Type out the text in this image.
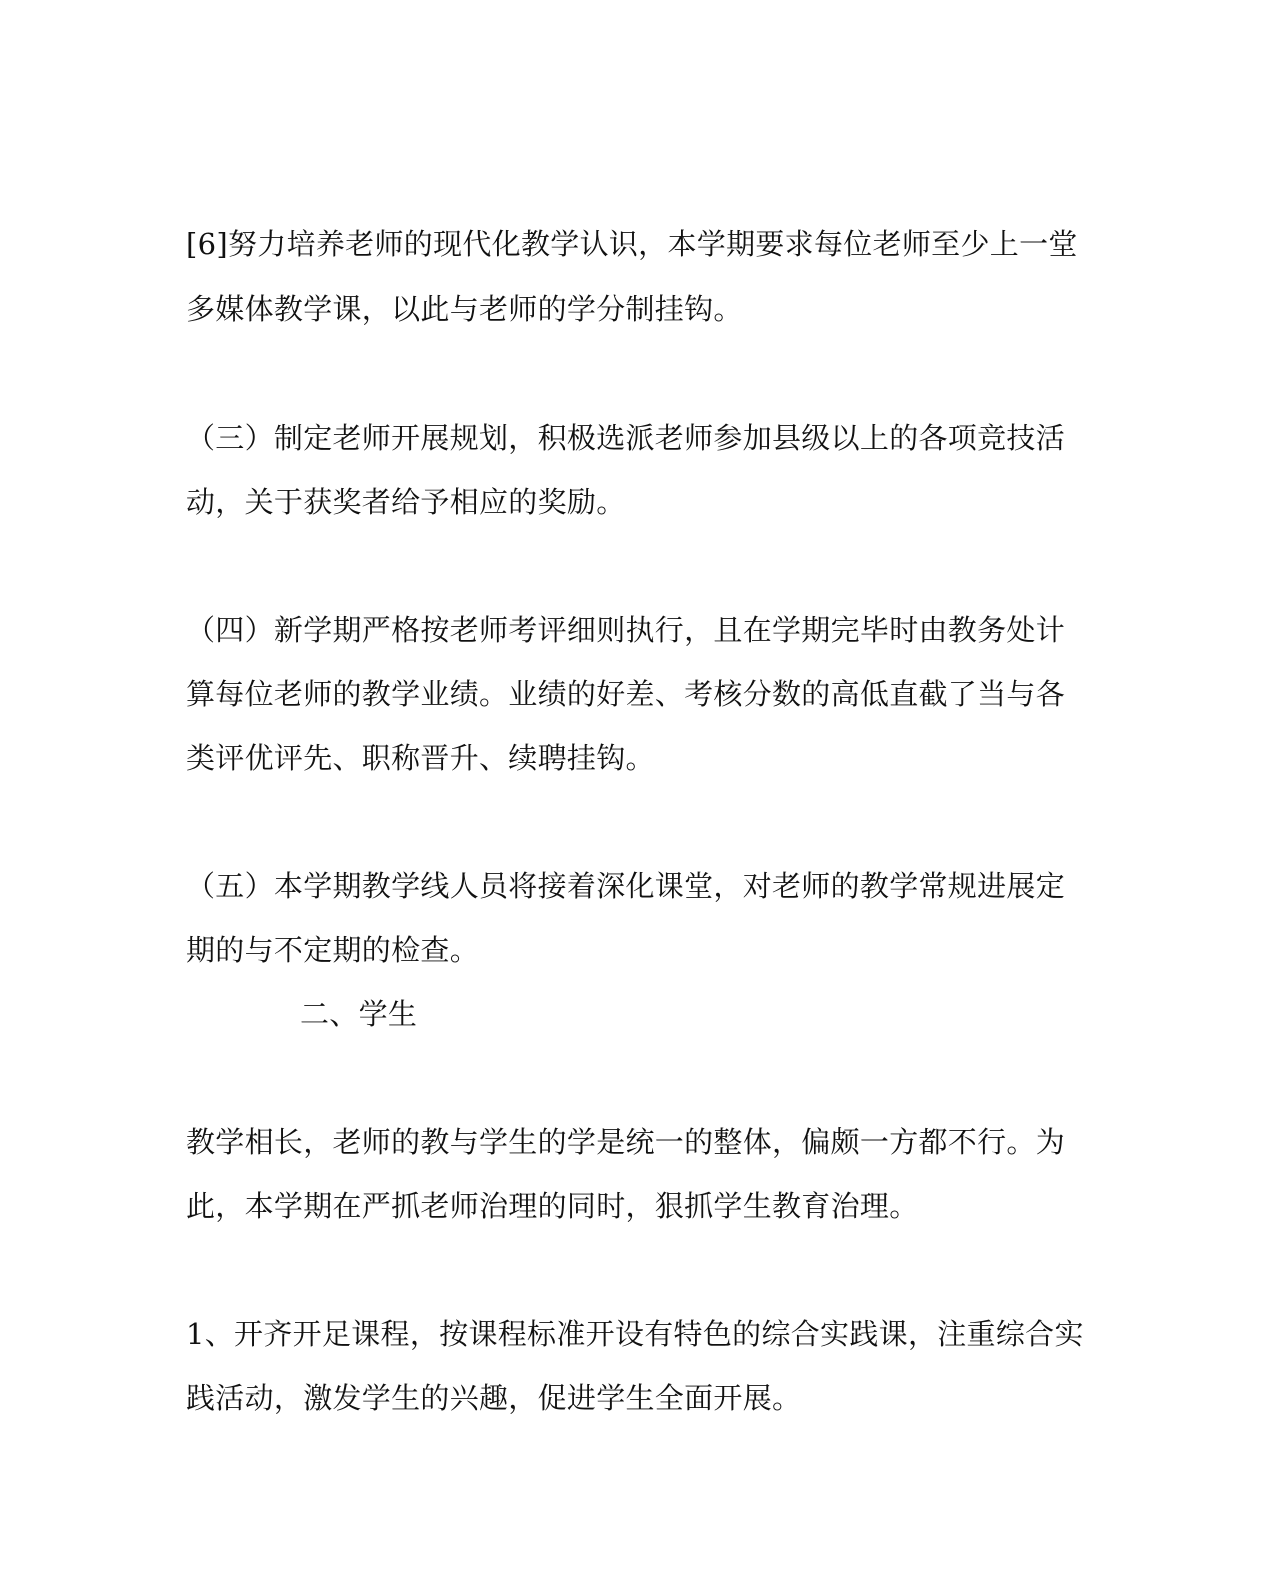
[6]努力培养老师的现代化教学认识，本学期要求每位老师至少上一堂
多媒体教学课，以此与老师的学分制挂钩。
（三）制定老师开展规划，积极选派老师参加县级以上的各项竞技活
动，关于获奖者给予相应的奖励。
（四）新学期严格按老师考评细则执行，且在学期完毕时由教务处计
算每位老师的教学业绩。业绩的好差、考核分数的高低直截了当与各
类评优评先、职称晋升、续聘挂钩。
（五）本学期教学线人员将接着深化课堂，对老师的教学常规进展定
期的与不定期的检查。
二、学生
教学相长，老师的教与学生的学是统一的整体，偏颇一方都不行。为
此，本学期在严抓老师治理的同时，狠抓学生教育治理。
1、开齐开足课程，按课程标准开设有特色的综合实践课，注重综合实
践活动，激发学生的兴趣，促进学生全面开展。
